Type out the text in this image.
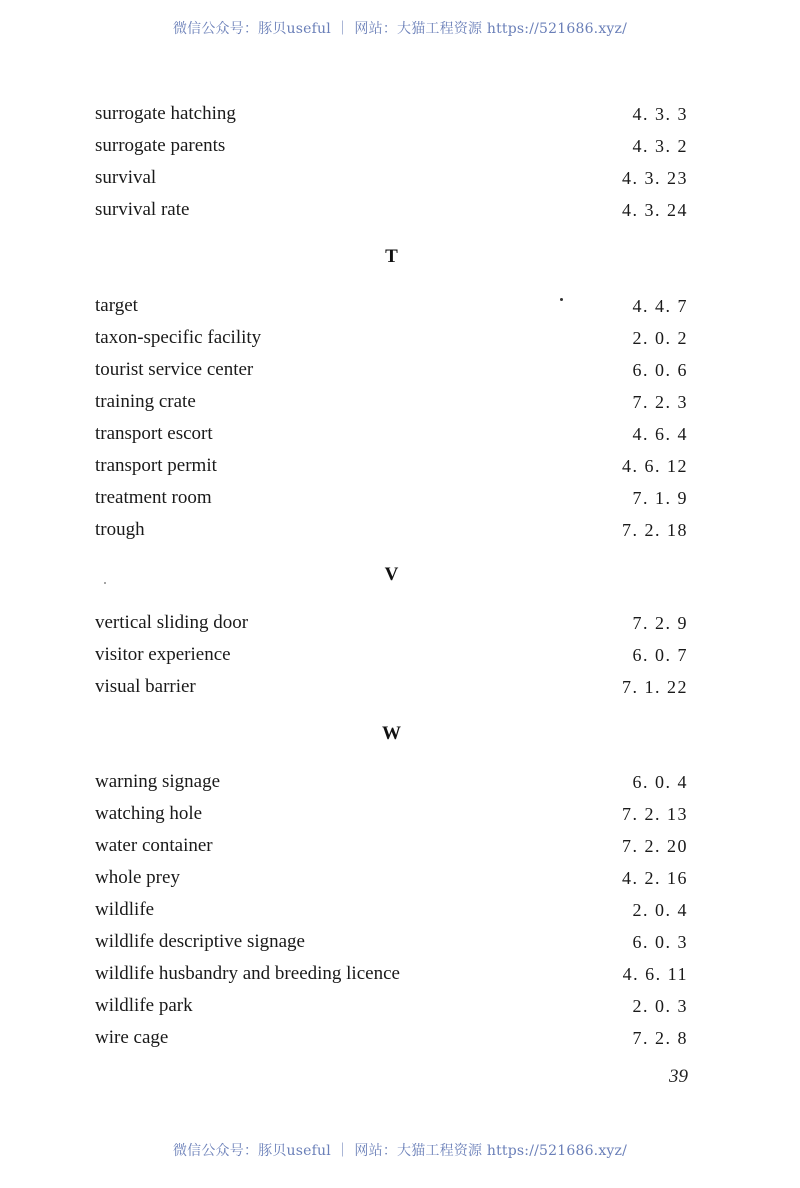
微信公众号：豚贝useful ｜ 网站：大猫工程资源 https://521686.xyz/
surrogate hatching	4. 3. 3
surrogate parents	4. 3. 2
survival	4. 3. 23
survival rate	4. 3. 24
T
target	4. 4. 7
taxon-specific facility	2. 0. 2
tourist service center	6. 0. 6
training crate	7. 2. 3
transport escort	4. 6. 4
transport permit	4. 6. 12
treatment room	7. 1. 9
trough	7. 2. 18
V
vertical sliding door	7. 2. 9
visitor experience	6. 0. 7
visual barrier	7. 1. 22
W
warning signage	6. 0. 4
watching hole	7. 2. 13
water container	7. 2. 20
whole prey	4. 2. 16
wildlife	2. 0. 4
wildlife descriptive signage	6. 0. 3
wildlife husbandry and breeding licence	4. 6. 11
wildlife park	2. 0. 3
wire cage	7. 2. 8
39
微信公众号：豚贝useful ｜ 网站：大猫工程资源 https://521686.xyz/
